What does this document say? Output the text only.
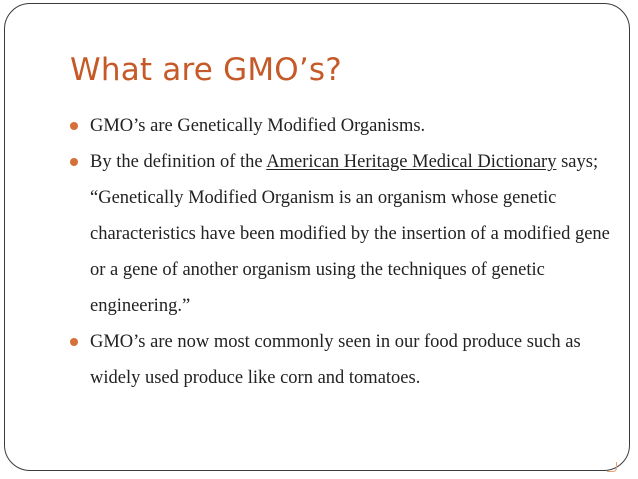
What are GMO’s?
GMO’s are Genetically Modified Organisms.
By the definition of the American Heritage Medical Dictionary says; “Genetically Modified Organism is an organism whose genetic characteristics have been modified by the insertion of a modified gene or a gene of another organism using the techniques of genetic engineering.”
GMO’s are now most commonly seen in our food produce such as widely used produce like corn and tomatoes.
